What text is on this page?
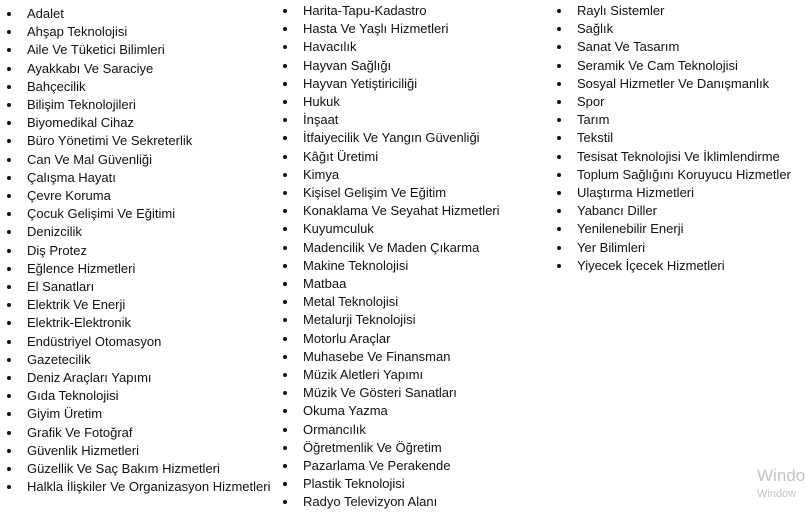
Adalet
Ahşap Teknolojisi
Aile Ve Tüketici Bilimleri
Ayakkabı Ve Saraciye
Bahçecilik
Bilişim Teknolojileri
Biyomedikal Cihaz
Büro Yönetimi Ve Sekreterlik
Can Ve Mal Güvenliği
Çalışma Hayatı
Çevre Koruma
Çocuk Gelişimi Ve Eğitimi
Denizcilik
Diş Protez
Eğlence Hizmetleri
El Sanatları
Elektrik Ve Enerji
Elektrik-Elektronik
Endüstriyel Otomasyon
Gazetecilik
Deniz Araçları Yapımı
Gıda Teknolojisi
Giyim Üretim
Grafik Ve Fotoğraf
Güvenlik Hizmetleri
Güzellik Ve Saç Bakım Hizmetleri
Halkla İlişkiler Ve Organizasyon Hizmetleri
Harita-Tapu-Kadastro
Hasta Ve Yaşlı Hizmetleri
Havacılık
Hayvan Sağlığı
Hayvan Yetiştiriciliği
Hukuk
İnşaat
İtfaiyecilik Ve Yangın Güvenliği
Kâğıt Üretimi
Kimya
Kişisel Gelişim Ve Eğitim
Konaklama Ve Seyahat Hizmetleri
Kuyumculuk
Madencilik Ve Maden Çıkarma
Makine Teknolojisi
Matbaa
Metal Teknolojisi
Metalurji Teknolojisi
Motorlu Araçlar
Muhasebe Ve Finansman
Müzik Aletleri Yapımı
Müzik Ve Gösteri Sanatları
Okuma Yazma
Ormancılık
Öğretmenlik Ve Öğretim
Pazarlama Ve Perakende
Plastik Teknolojisi
Radyo Televizyon Alanı
Raylı Sistemler
Sağlık
Sanat Ve Tasarım
Seramik Ve Cam Teknolojisi
Sosyal Hizmetler Ve Danışmanlık
Spor
Tarım
Tekstil
Tesisat Teknolojisi Ve İklimlendirme
Toplum Sağlığını Koruyucu Hizmetler
Ulaştırma Hizmetleri
Yabancı Diller
Yenilenebilir Enerji
Yer Bilimleri
Yiyecek İçecek Hizmetleri
Windo
Window
